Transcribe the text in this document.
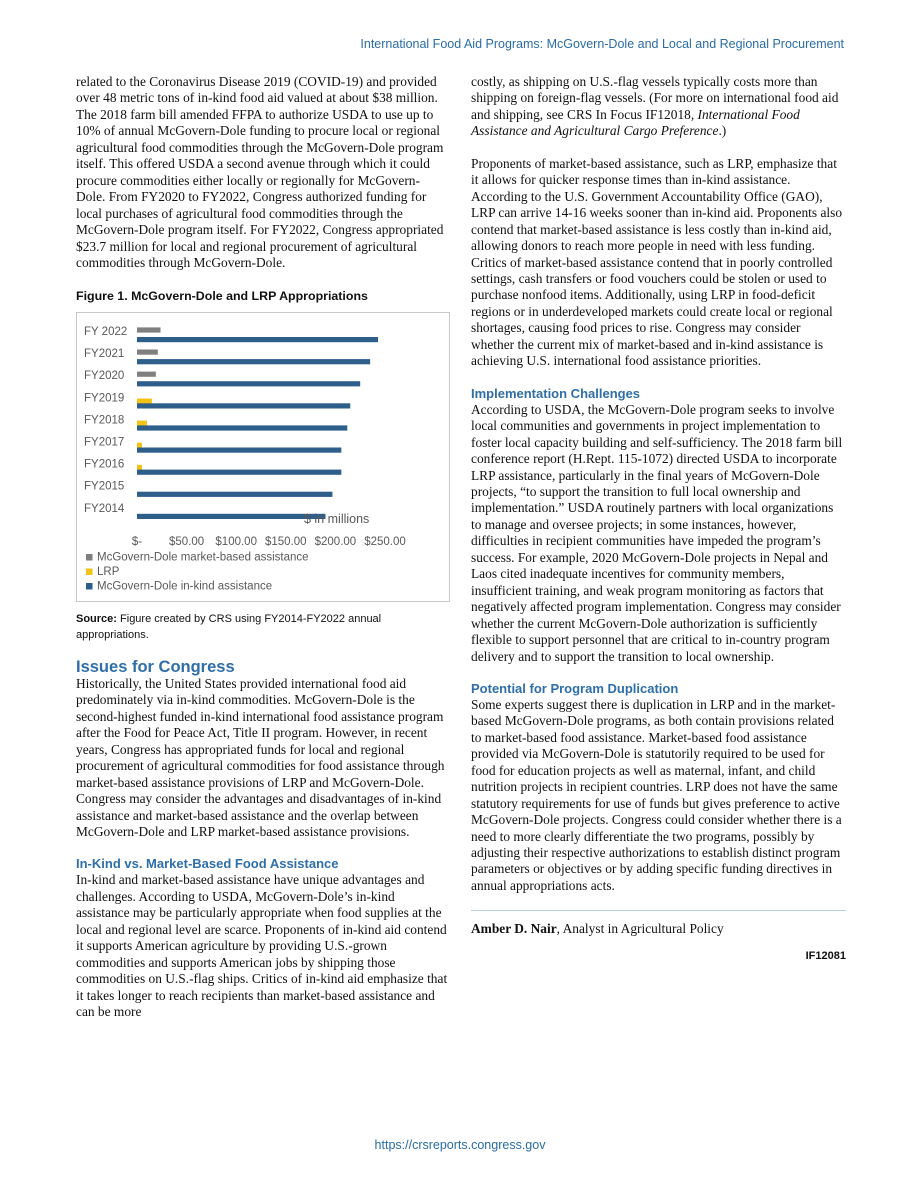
International Food Aid Programs: McGovern-Dole and Local and Regional Procurement

related to the Coronavirus Disease 2019 (COVID-19) and provided over 48 metric tons of in-kind food aid valued at about $38 million. The 2018 farm bill amended FFPA to authorize USDA to use up to 10% of annual McGovern-Dole funding to procure local or regional agricultural food commodities through the McGovern-Dole program itself. This offered USDA a second avenue through which it could procure commodities either locally or regionally for McGovern-Dole. From FY2020 to FY2022, Congress authorized funding for local purchases of agricultural food commodities through the McGovern-Dole program itself. For FY2022, Congress appropriated $23.7 million for local and regional procurement of agricultural commodities through McGovern-Dole.

Figure 1. McGovern-Dole and LRP Appropriations
FY 2022
FY2021
FY2020
FY2019
FY2018
FY2017
FY2016
FY2015
FY2014
$- $50.00 $100.00 $150.00 $200.00 $250.00
$ in millions
McGovern-Dole market-based assistance
LRP
McGovern-Dole in-kind assistance
Source: Figure created by CRS using FY2014-FY2022 annual appropriations.
Issues for Congress

Historically, the United States provided international food aid predominately via in-kind commodities. McGovern-Dole is the second-highest funded in-kind international food assistance program after the Food for Peace Act, Title II program. However, in recent years, Congress has appropriated funds for local and regional procurement of agricultural commodities for food assistance through market-based assistance provisions of LRP and McGovern-Dole. Congress may consider the advantages and disadvantages of in-kind assistance and market-based assistance and the overlap between McGovern-Dole and LRP market-based assistance provisions.

In-Kind vs. Market-Based Food Assistance

In-kind and market-based assistance have unique advantages and challenges. According to USDA, McGovern-Dole’s in-kind assistance may be particularly appropriate when food supplies at the local and regional level are scarce. Proponents of in-kind aid contend it supports American agriculture by providing U.S.-grown commodities and supports American jobs by shipping those commodities on U.S.-flag ships. Critics of in-kind aid emphasize that it takes longer to reach recipients than market-based assistance and can be more

costly, as shipping on U.S.-flag vessels typically costs more than shipping on foreign-flag vessels. (For more on international food aid and shipping, see CRS In Focus IF12018, International Food Assistance and Agricultural Cargo Preference.)

Proponents of market-based assistance, such as LRP, emphasize that it allows for quicker response times than in-kind assistance. According to the U.S. Government Accountability Office (GAO), LRP can arrive 14-16 weeks sooner than in-kind aid. Proponents also contend that market-based assistance is less costly than in-kind aid, allowing donors to reach more people in need with less funding. Critics of market-based assistance contend that in poorly controlled settings, cash transfers or food vouchers could be stolen or used to purchase nonfood items. Additionally, using LRP in food-deficit regions or in underdeveloped markets could create local or regional shortages, causing food prices to rise. Congress may consider whether the current mix of market-based and in-kind assistance is achieving U.S. international food assistance priorities.

Implementation Challenges

According to USDA, the McGovern-Dole program seeks to involve local communities and governments in project implementation to foster local capacity building and self-sufficiency. The 2018 farm bill conference report (H.Rept. 115-1072) directed USDA to incorporate LRP assistance, particularly in the final years of McGovern-Dole projects, “to support the transition to full local ownership and implementation.” USDA routinely partners with local organizations to manage and oversee projects; in some instances, however, difficulties in recipient communities have impeded the program’s success. For example, 2020 McGovern-Dole projects in Nepal and Laos cited inadequate incentives for community members, insufficient training, and weak program monitoring as factors that negatively affected program implementation. Congress may consider whether the current McGovern-Dole authorization is sufficiently flexible to support personnel that are critical to in-country program delivery and to support the transition to local ownership.

Potential for Program Duplication

Some experts suggest there is duplication in LRP and in the market-based McGovern-Dole programs, as both contain provisions related to market-based food assistance. Market-based food assistance provided via McGovern-Dole is statutorily required to be used for food for education projects as well as maternal, infant, and child nutrition projects in recipient countries. LRP does not have the same statutory requirements for use of funds but gives preference to active McGovern-Dole projects. Congress could consider whether there is a need to more clearly differentiate the two programs, possibly by adjusting their respective authorizations to establish distinct program parameters or objectives or by adding specific funding directives in annual appropriations acts.

Amber D. Nair, Analyst in Agricultural Policy
IF12081
https://crsreports.congress.gov
